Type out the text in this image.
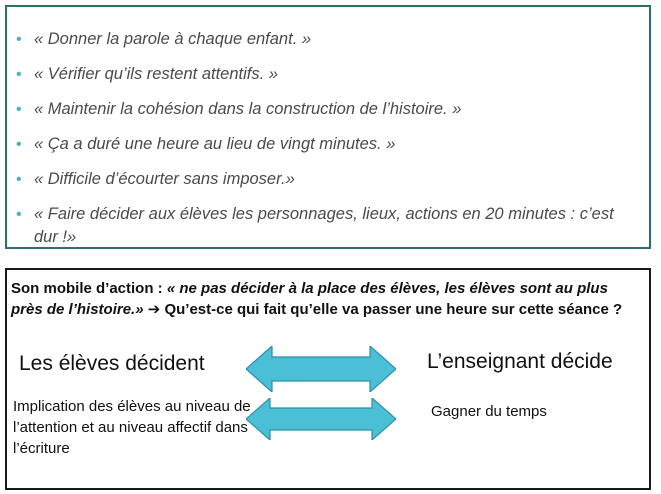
• « Donner la parole à chaque enfant. »
• « Vérifier qu’ils restent attentifs. »
• « Maintenir la cohésion dans la construction de l’histoire. »
• « Ça a duré une heure au lieu de vingt minutes. »
• « Difficile d’écourter sans imposer.»
• « Faire décider aux élèves les personnages, lieux, actions en 20 minutes : c’est dur !»
Son mobile d’action : « ne pas décider à la place des élèves, les élèves sont au plus près de l’histoire.» ➔ Qu’est-ce qui fait qu’elle va passer une heure sur cette séance ?
Les élèves décident	L’enseignant décide
Implication des élèves au niveau de l’attention et au niveau affectif dans l’écriture
Gagner du temps
